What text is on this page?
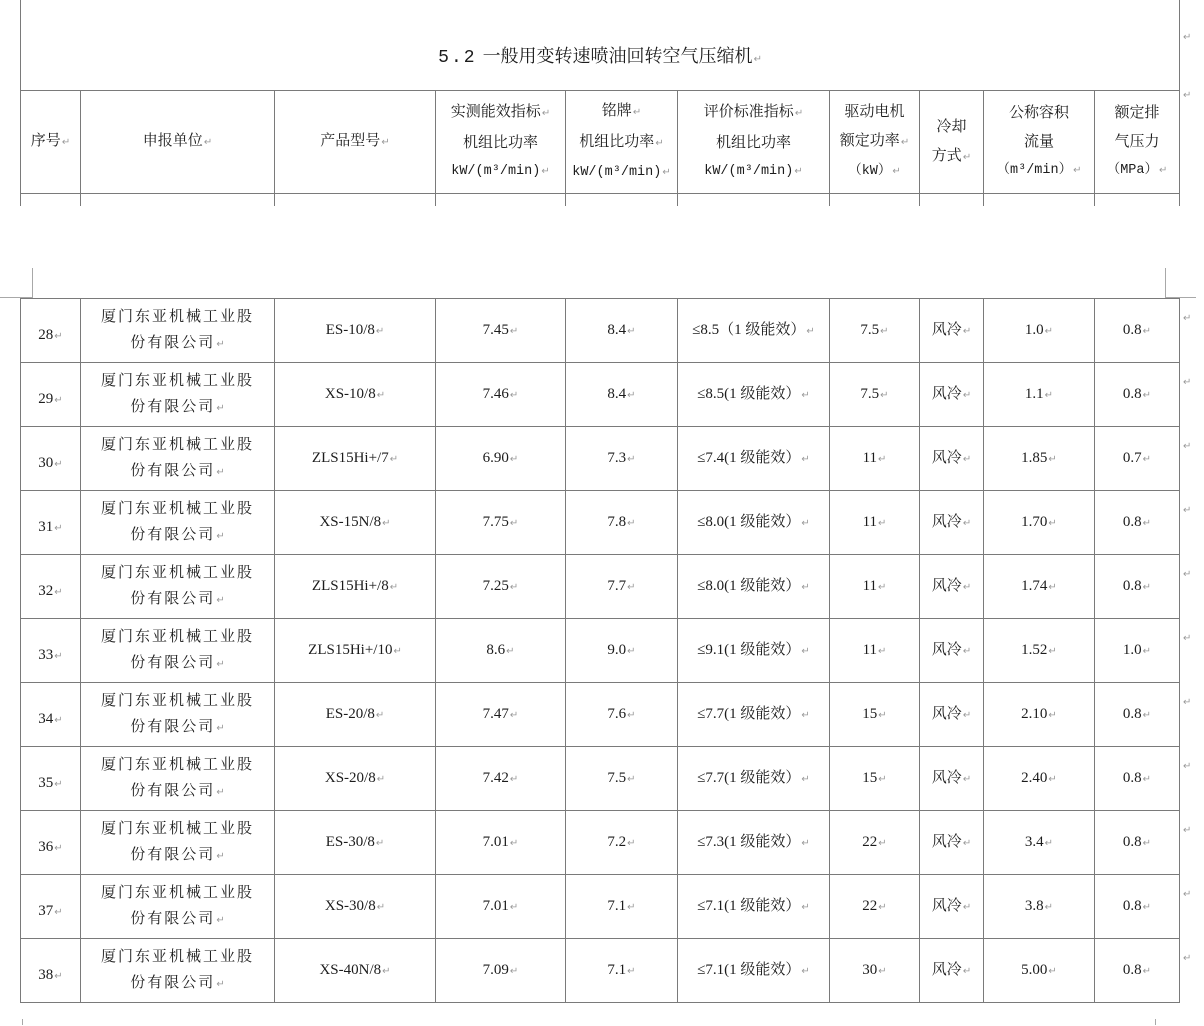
5.2 一般用变转速喷油回转空气压缩机 ↵

序号 ↵	申报单位 ↵	产品型号 ↵	实测能效指标 ↵
机组比功率
kW/(m³/min) ↵	铭牌 ↵
机组比功率 ↵
kW/(m³/min) ↵	评价标准指标 ↵
机组比功率
kW/(m³/min) ↵	驱动电机
额定功率 ↵
（kW） ↵	冷却
方式 ↵	公称容积
流量
（m³/min） ↵	额定排
气压力
（MPa） ↵

↵
↵
28 ↵	厦门东亚机械工业股份有限公司 ↵	ES-10/8 ↵	7.45 ↵	8.4 ↵	≤8.5（1 级能效） ↵	7.5 ↵	风冷 ↵	1.0 ↵	0.8 ↵
29 ↵	厦门东亚机械工业股份有限公司 ↵	XS-10/8 ↵	7.46 ↵	8.4 ↵	≤8.5(1 级能效） ↵	7.5 ↵	风冷 ↵	1.1 ↵	0.8 ↵
30 ↵	厦门东亚机械工业股份有限公司 ↵	ZLS15Hi+/7 ↵	6.90 ↵	7.3 ↵	≤7.4(1 级能效） ↵	11 ↵	风冷 ↵	1.85 ↵	0.7 ↵
31 ↵	厦门东亚机械工业股份有限公司 ↵	XS-15N/8 ↵	7.75 ↵	7.8 ↵	≤8.0(1 级能效） ↵	11 ↵	风冷 ↵	1.70 ↵	0.8 ↵
32 ↵	厦门东亚机械工业股份有限公司 ↵	ZLS15Hi+/8 ↵	7.25 ↵	7.7 ↵	≤8.0(1 级能效） ↵	11 ↵	风冷 ↵	1.74 ↵	0.8 ↵
33 ↵	厦门东亚机械工业股份有限公司 ↵	ZLS15Hi+/10 ↵	8.6 ↵	9.0 ↵	≤9.1(1 级能效） ↵	11 ↵	风冷 ↵	1.52 ↵	1.0 ↵
34 ↵	厦门东亚机械工业股份有限公司 ↵	ES-20/8 ↵	7.47 ↵	7.6 ↵	≤7.7(1 级能效） ↵	15 ↵	风冷 ↵	2.10 ↵	0.8 ↵
35 ↵	厦门东亚机械工业股份有限公司 ↵	XS-20/8 ↵	7.42 ↵	7.5 ↵	≤7.7(1 级能效） ↵	15 ↵	风冷 ↵	2.40 ↵	0.8 ↵
36 ↵	厦门东亚机械工业股份有限公司 ↵	ES-30/8 ↵	7.01 ↵	7.2 ↵	≤7.3(1 级能效） ↵	22 ↵	风冷 ↵	3.4 ↵	0.8 ↵
37 ↵	厦门东亚机械工业股份有限公司 ↵	XS-30/8 ↵	7.01 ↵	7.1 ↵	≤7.1(1 级能效） ↵	22 ↵	风冷 ↵	3.8 ↵	0.8 ↵
38 ↵	厦门东亚机械工业股份有限公司 ↵	XS-40N/8 ↵	7.09 ↵	7.1 ↵	≤7.1(1 级能效） ↵	30 ↵	风冷 ↵	5.00 ↵	0.8 ↵
↵
↵
↵
↵
↵
↵
↵
↵
↵
↵
↵
